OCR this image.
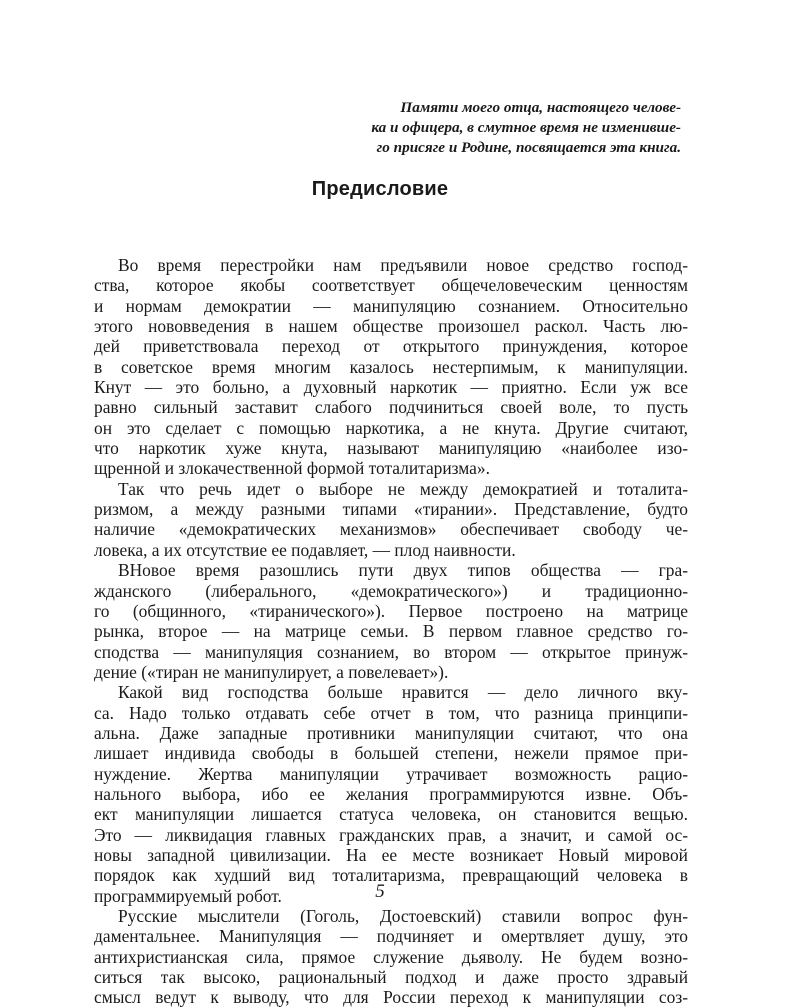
Памяти моего отца, настоящего челове-
ка и офицера, в смутное время не изменивше-
го присяге и Родине, посвящается эта книга.
Предисловие
Во время перестройки нам предъявили новое средство господ-
ства, которое якобы соответствует общечеловеческим ценностям
и нормам демократии — манипуляцию сознанием. Относительно
этого нововведения в нашем обществе произошел раскол. Часть лю-
дей приветствовала переход от открытого принуждения, которое
в советское время многим казалось нестерпимым, к манипуляции.
Кнут — это больно, а духовный наркотик — приятно. Если уж все
равно сильный заставит слабого подчиниться своей воле, то пусть
он это сделает с помощью наркотика, а не кнута. Другие считают,
что наркотик хуже кнута, называют манипуляцию «наиболее изо-
щренной и злокачественной формой тоталитаризма».
Так что речь идет о выборе не между демократией и тоталита-
ризмом, а между разными типами «тирании». Представление, будто
наличие «демократических механизмов» обеспечивает свободу че-
ловека, а их отсутствие ее подавляет, — плод наивности.
ВНовое время разошлись пути двух типов общества — гра-
жданского (либерального, «демократического») и традиционно-
го (общинного, «тиранического»). Первое построено на матрице
рынка, второе — на матрице семьи. В первом главное средство го-
сподства — манипуляция сознанием, во втором — открытое принуж-
дение («тиран не манипулирует, а повелевает»).
Какой вид господства больше нравится — дело личного вку-
са. Надо только отдавать себе отчет в том, что разница принципи-
альна. Даже западные противники манипуляции считают, что она
лишает индивида свободы в большей степени, нежели прямое при-
нуждение. Жертва манипуляции утрачивает возможность рацио-
нального выбора, ибо ее желания программируются извне. Объ-
ект манипуляции лишается статуса человека, он становится вещью.
Это — ликвидация главных гражданских прав, а значит, и самой ос-
новы западной цивилизации. На ее месте возникает Новый мировой
порядок как худший вид тоталитаризма, превращающий человека в
программируемый робот.
Русские мыслители (Гоголь, Достоевский) ставили вопрос фун-
даментальнее. Манипуляция — подчиняет и омертвляет душу, это
антихристианская сила, прямое служение дьяволу. Не будем возно-
ситься так высоко, рациональный подход и даже просто здравый
смысл ведут к выводу, что для России переход к манипуляции соз-
5
